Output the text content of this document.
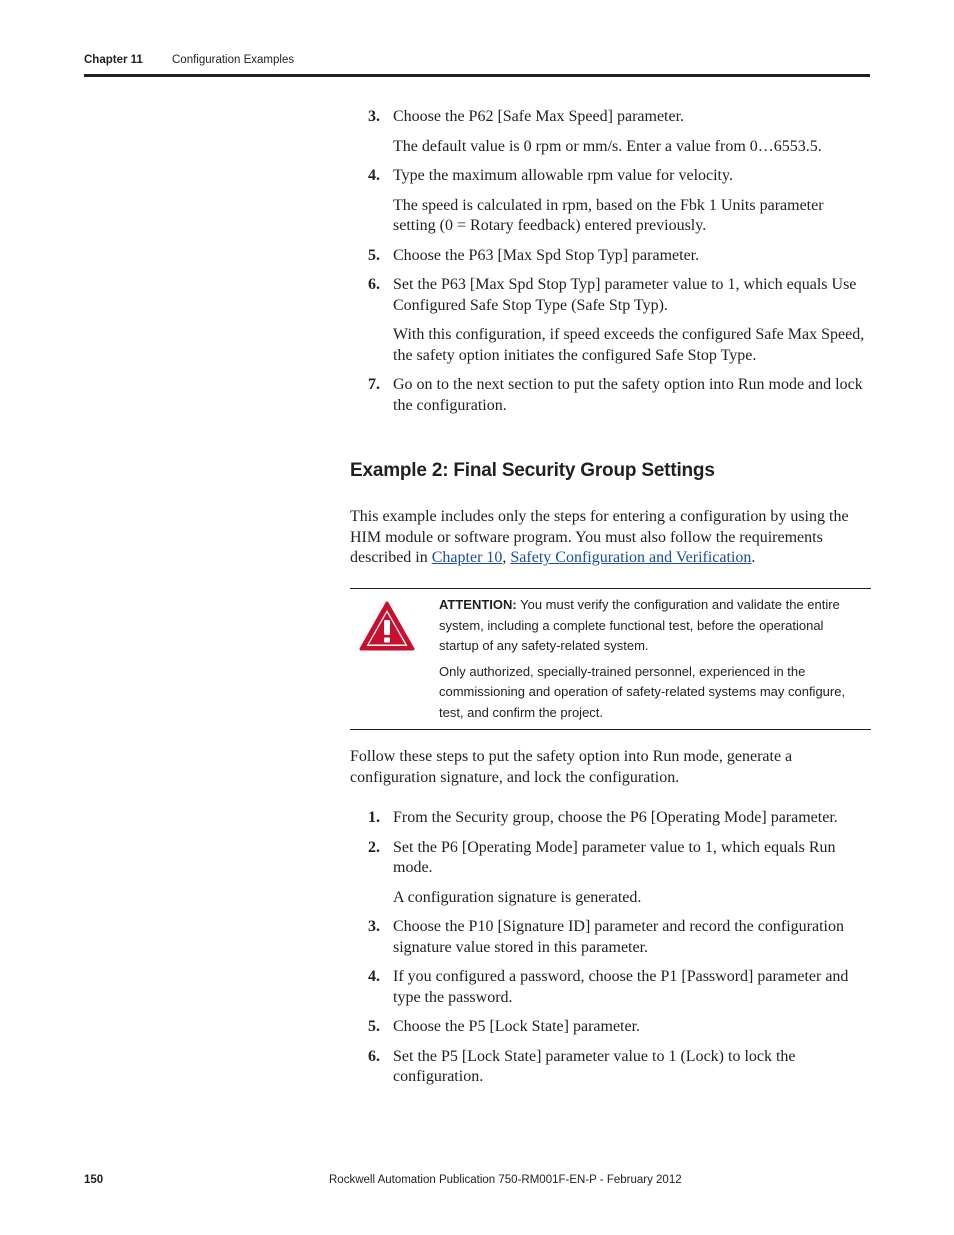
Chapter 11	Configuration Examples
3. Choose the P62 [Safe Max Speed] parameter.

The default value is 0 rpm or mm/s. Enter a value from 0…6553.5.

4. Type the maximum allowable rpm value for velocity.

The speed is calculated in rpm, based on the Fbk 1 Units parameter setting (0 = Rotary feedback) entered previously.

5. Choose the P63 [Max Spd Stop Typ] parameter.

6. Set the P63 [Max Spd Stop Typ] parameter value to 1, which equals Use Configured Safe Stop Type (Safe Stp Typ).

With this configuration, if speed exceeds the configured Safe Max Speed, the safety option initiates the configured Safe Stop Type.

7. Go on to the next section to put the safety option into Run mode and lock the configuration.

Example 2: Final Security Group Settings

This example includes only the steps for entering a configuration by using the HIM module or software program. You must also follow the requirements described in Chapter 10, Safety Configuration and Verification.

ATTENTION: You must verify the configuration and validate the entire system, including a complete functional test, before the operational startup of any safety-related system.

Only authorized, specially-trained personnel, experienced in the commissioning and operation of safety-related systems may configure, test, and confirm the project.

Follow these steps to put the safety option into Run mode, generate a configuration signature, and lock the configuration.

1. From the Security group, choose the P6 [Operating Mode] parameter.

2. Set the P6 [Operating Mode] parameter value to 1, which equals Run mode.

A configuration signature is generated.

3. Choose the P10 [Signature ID] parameter and record the configuration signature value stored in this parameter.

4. If you configured a password, choose the P1 [Password] parameter and type the password.

5. Choose the P5 [Lock State] parameter.

6. Set the P5 [Lock State] parameter value to 1 (Lock) to lock the configuration.

150	Rockwell Automation Publication 750-RM001F-EN-P - February 2012
